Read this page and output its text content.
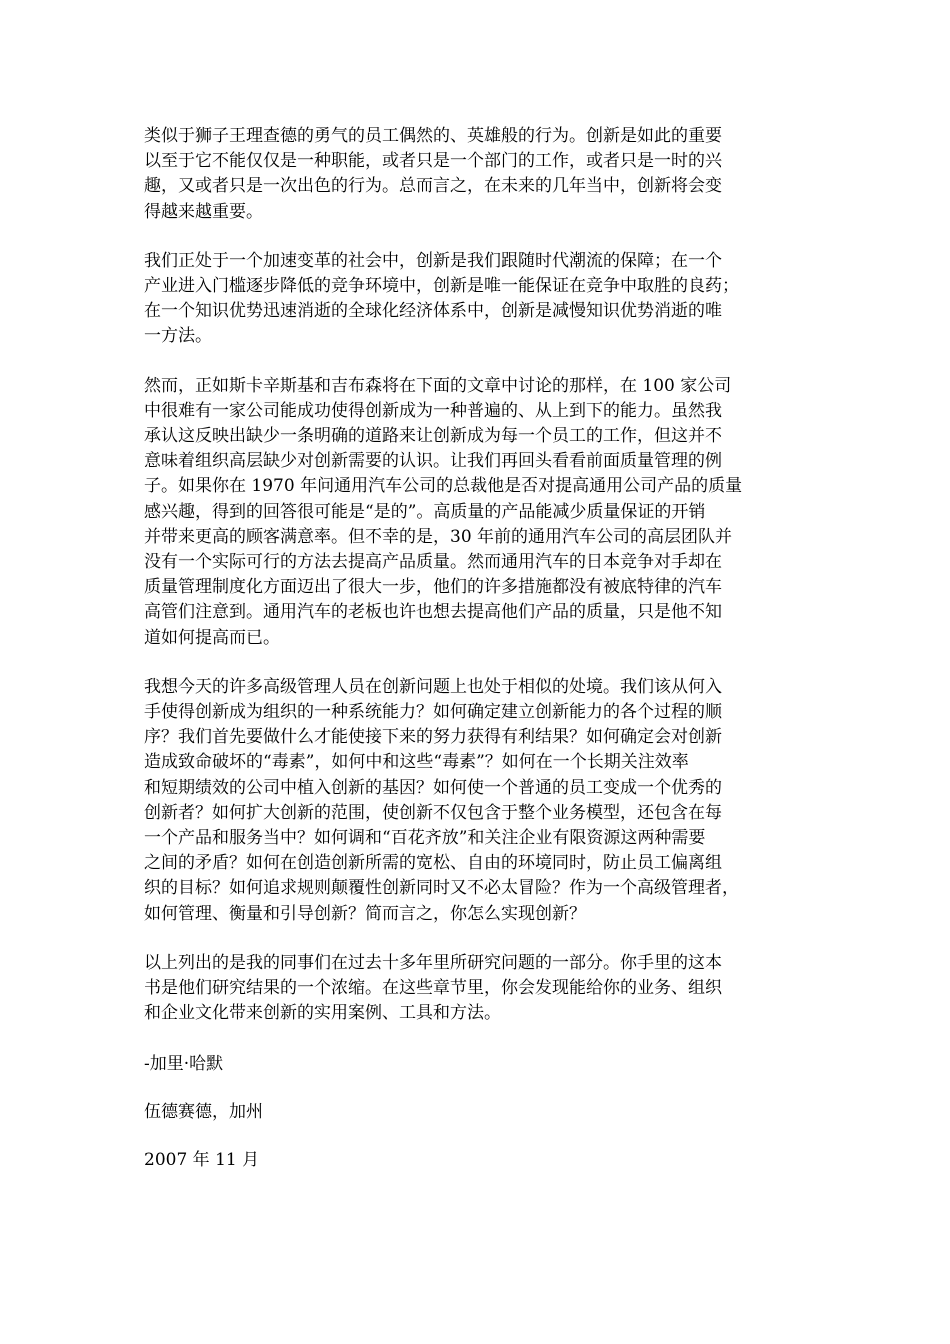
类似于狮子王理查德的勇气的员工偶然的、英雄般的行为。创新是如此的重要
以至于它不能仅仅是一种职能，或者只是一个部门的工作，或者只是一时的兴
趣，又或者只是一次出色的行为。总而言之，在未来的几年当中，创新将会变
得越来越重要。

我们正处于一个加速变革的社会中，创新是我们跟随时代潮流的保障；在一个
产业进入门槛逐步降低的竞争环境中，创新是唯一能保证在竞争中取胜的良药；
在一个知识优势迅速消逝的全球化经济体系中，创新是减慢知识优势消逝的唯
一方法。

然而，正如斯卡辛斯基和吉布森将在下面的文章中讨论的那样，在 100 家公司
中很难有一家公司能成功使得创新成为一种普遍的、从上到下的能力。虽然我
承认这反映出缺少一条明确的道路来让创新成为每一个员工的工作，但这并不
意味着组织高层缺少对创新需要的认识。让我们再回头看看前面质量管理的例
子。如果你在 1970 年问通用汽车公司的总裁他是否对提高通用公司产品的质量
感兴趣，得到的回答很可能是“是的”。高质量的产品能减少质量保证的开销
并带来更高的顾客满意率。但不幸的是，30 年前的通用汽车公司的高层团队并
没有一个实际可行的方法去提高产品质量。然而通用汽车的日本竞争对手却在
质量管理制度化方面迈出了很大一步，他们的许多措施都没有被底特律的汽车
高管们注意到。通用汽车的老板也许也想去提高他们产品的质量，只是他不知
道如何提高而已。

我想今天的许多高级管理人员在创新问题上也处于相似的处境。我们该从何入
手使得创新成为组织的一种系统能力？如何确定建立创新能力的各个过程的顺
序？我们首先要做什么才能使接下来的努力获得有利结果？如何确定会对创新
造成致命破坏的“毒素”，如何中和这些“毒素”？如何在一个长期关注效率
和短期绩效的公司中植入创新的基因？如何使一个普通的员工变成一个优秀的
创新者？如何扩大创新的范围，使创新不仅包含于整个业务模型，还包含在每
一个产品和服务当中？如何调和“百花齐放”和关注企业有限资源这两种需要
之间的矛盾？如何在创造创新所需的宽松、自由的环境同时，防止员工偏离组
织的目标？如何追求规则颠覆性创新同时又不必太冒险？作为一个高级管理者，
如何管理、衡量和引导创新？简而言之，你怎么实现创新？

以上列出的是我的同事们在过去十多年里所研究问题的一部分。你手里的这本
书是他们研究结果的一个浓缩。在这些章节里，你会发现能给你的业务、组织
和企业文化带来创新的实用案例、工具和方法。

-加里·哈默

伍德赛德，加州

2007 年 11 月
